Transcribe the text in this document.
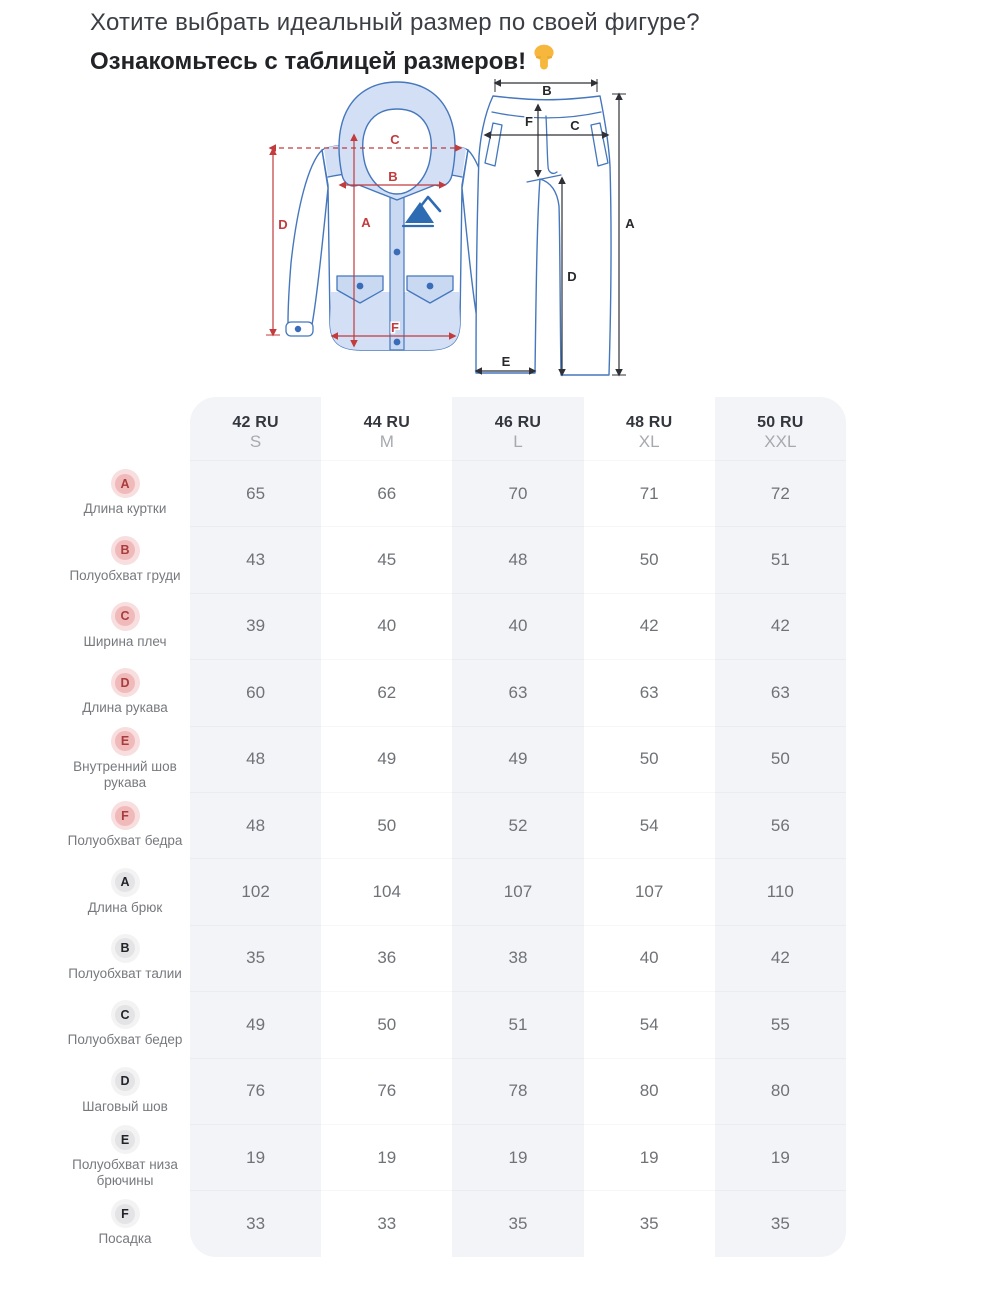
Хотите выбрать идеальный размер по своей фигуре?
Ознакомьтесь с таблицей размеров!
C
B
A
D
F
B
F	C
A
D
E
A
Длина куртки
B
Полуобхват груди
C
Ширина плеч
D
Длина рукава
E
Внутренний шов рукава
F
Полуобхват бедра
A
Длина брюк
B
Полуобхват талии
C
Полуобхват бедер
D
Шаговый шов
E
Полуобхват низа брючины
F
Посадка
42 RU
S
65
43
39
60
48
48
102
35
49
76
19
33
44 RU
M
66
45
40
62
49
50
104
36
50
76
19
33
46 RU
L
70
48
40
63
49
52
107
38
51
78
19
35
48 RU
XL
71
50
42
63
50
54
107
40
54
80
19
35
50 RU
XXL
72
51
42
63
50
56
110
42
55
80
19
35
